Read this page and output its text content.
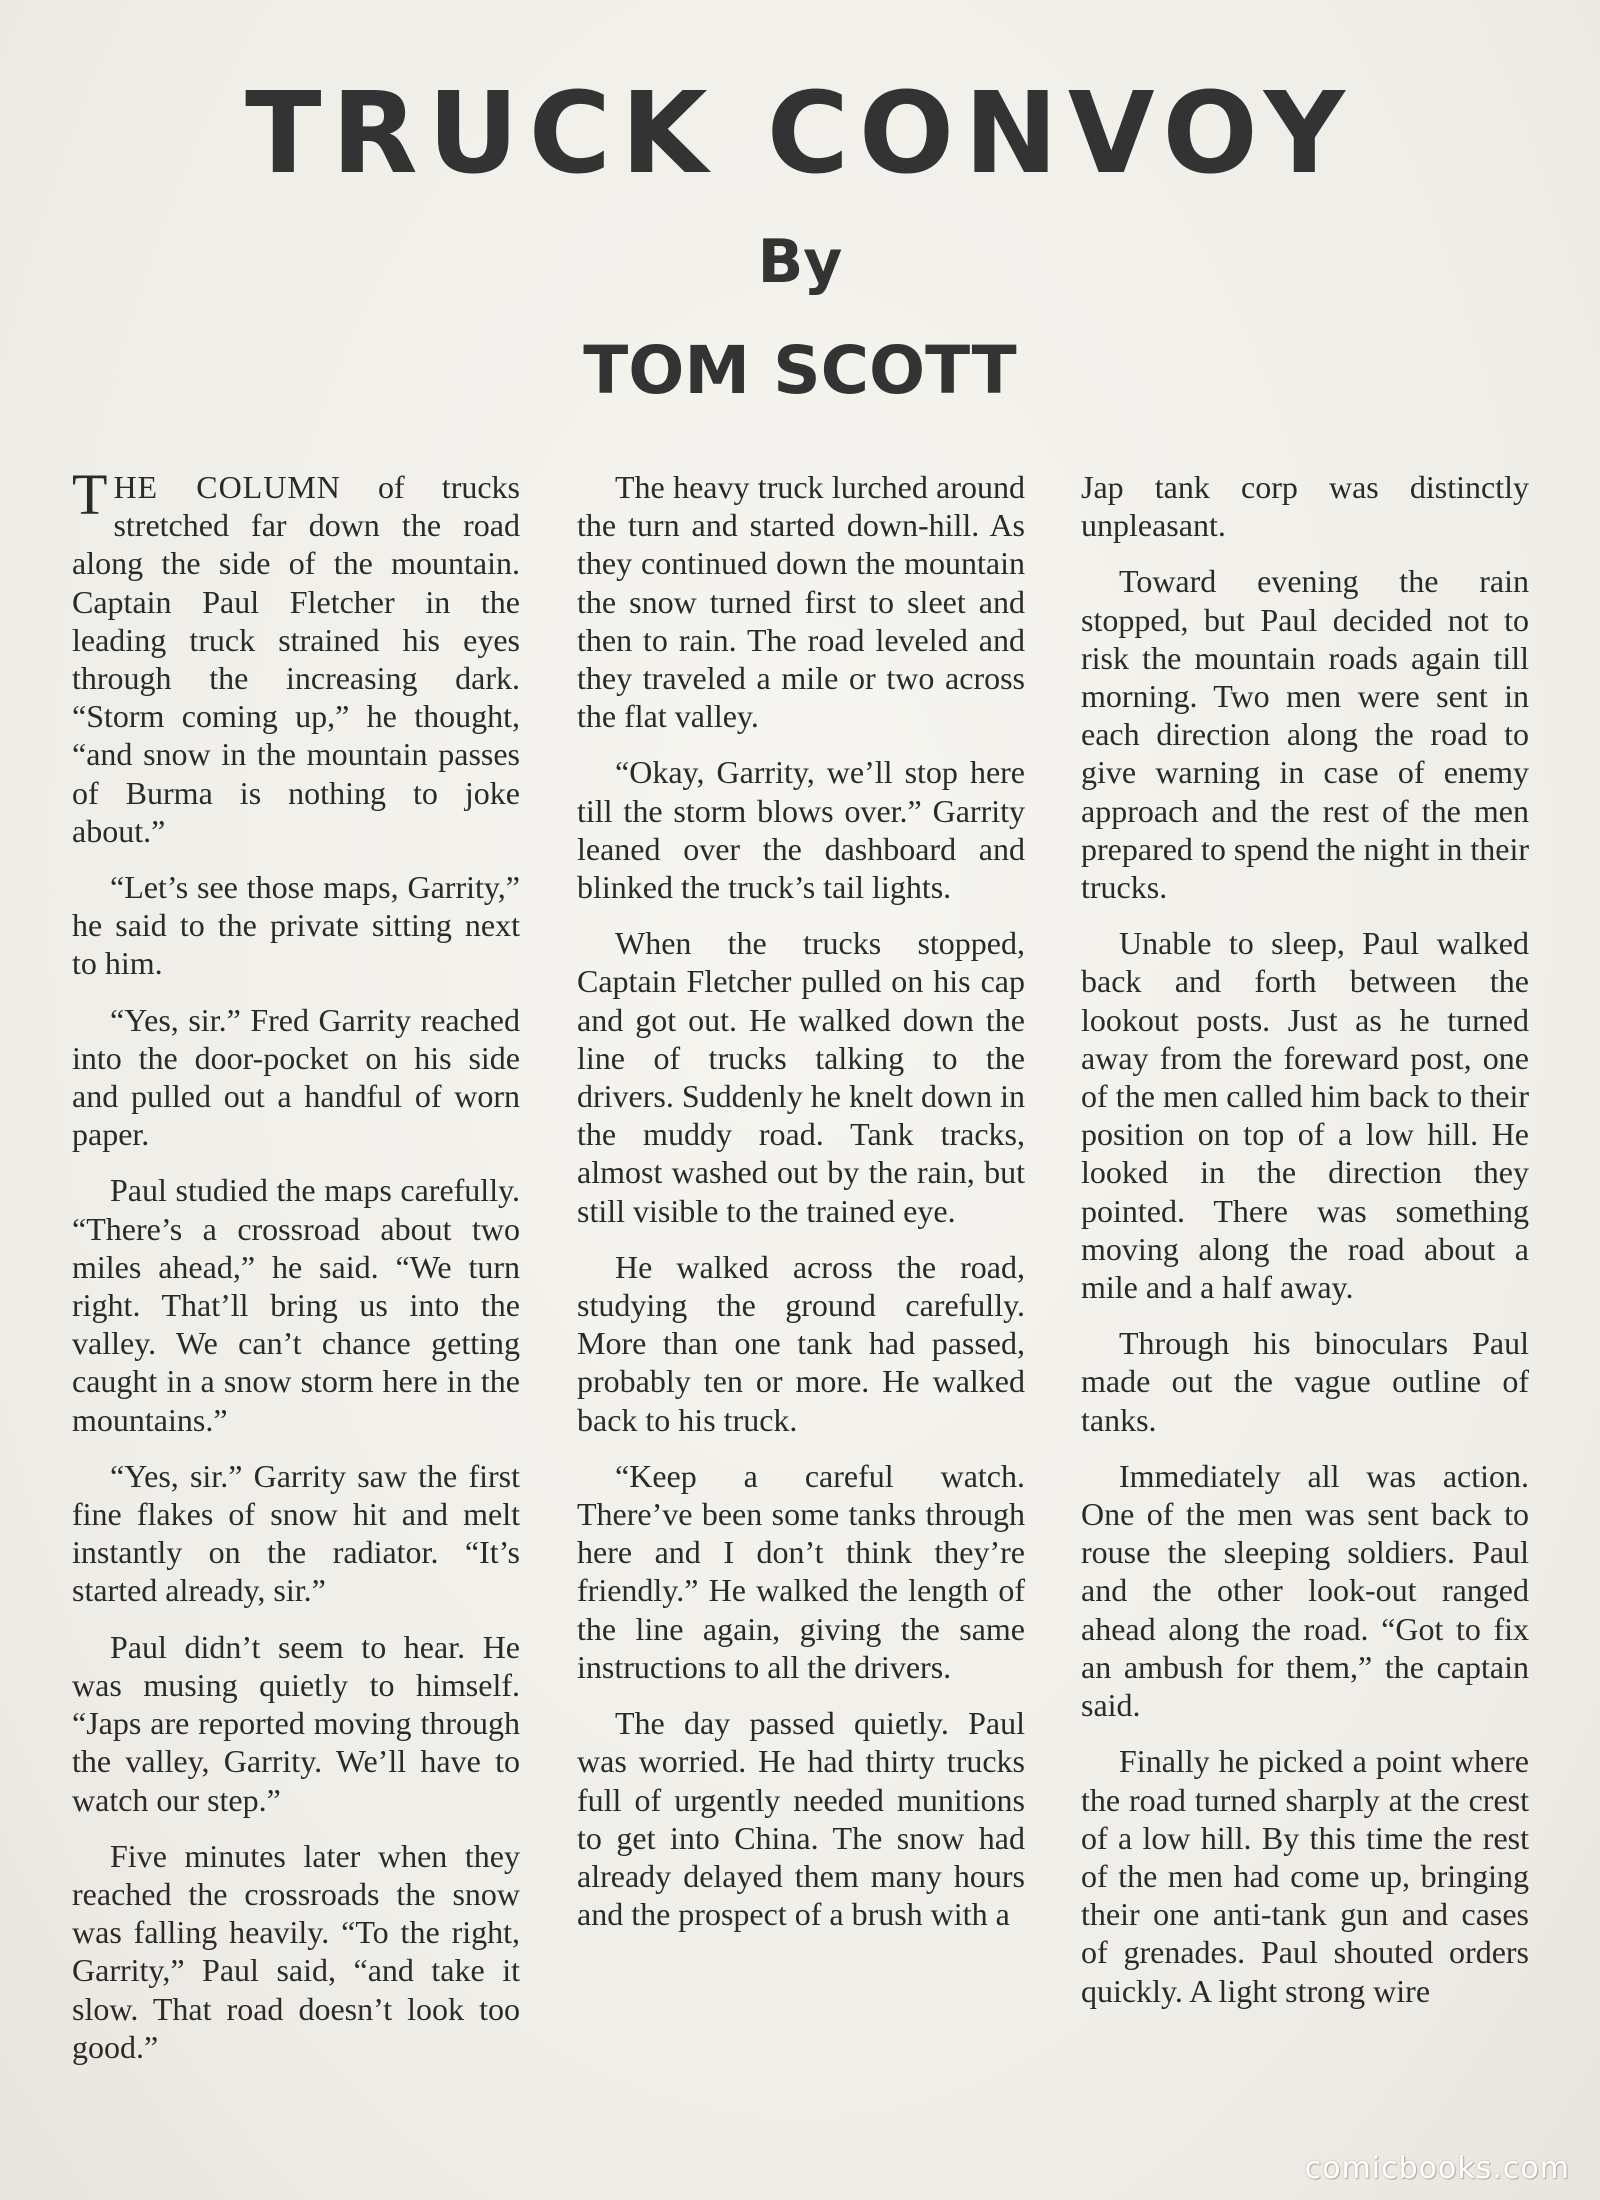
TRUCK CONVOY
By
TOM SCOTT

THE COLUMN of trucks stretched far down the road along the side of the mountain. Captain Paul Fletcher in the leading truck strained his eyes through the increasing dark. “Storm coming up,” he thought, “and snow in the mountain passes of Burma is nothing to joke about.”

“Let’s see those maps, Garrity,” he said to the private sitting next to him.

“Yes, sir.” Fred Garrity reached into the door-pocket on his side and pulled out a handful of worn paper.

Paul studied the maps carefully. “There’s a crossroad about two miles ahead,” he said. “We turn right. That’ll bring us into the valley. We can’t chance getting caught in a snow storm here in the mountains.”

“Yes, sir.” Garrity saw the first fine flakes of snow hit and melt instantly on the radiator. “It’s started already, sir.”

Paul didn’t seem to hear. He was musing quietly to himself. “Japs are reported moving through the valley, Garrity. We’ll have to watch our step.”

Five minutes later when they reached the crossroads the snow was falling heavily. “To the right, Garrity,” Paul said, “and take it slow. That road doesn’t look too good.”

The heavy truck lurched around the turn and started down-hill. As they continued down the mountain the snow turned first to sleet and then to rain. The road leveled and they traveled a mile or two across the flat valley.

“Okay, Garrity, we’ll stop here till the storm blows over.” Garrity leaned over the dashboard and blinked the truck’s tail lights.

When the trucks stopped, Captain Fletcher pulled on his cap and got out. He walked down the line of trucks talking to the drivers. Suddenly he knelt down in the muddy road. Tank tracks, almost washed out by the rain, but still visible to the trained eye.

He walked across the road, studying the ground carefully. More than one tank had passed, probably ten or more. He walked back to his truck.

“Keep a careful watch. There’ve been some tanks through here and I don’t think they’re friendly.” He walked the length of the line again, giving the same instructions to all the drivers.

The day passed quietly. Paul was worried. He had thirty trucks full of urgently needed munitions to get into China. The snow had already delayed them many hours and the prospect of a brush with a

Jap tank corp was distinctly unpleasant.

Toward evening the rain stopped, but Paul decided not to risk the mountain roads again till morning. Two men were sent in each direction along the road to give warning in case of enemy approach and the rest of the men prepared to spend the night in their trucks.

Unable to sleep, Paul walked back and forth between the lookout posts. Just as he turned away from the foreward post, one of the men called him back to their position on top of a low hill. He looked in the direction they pointed. There was something moving along the road about a mile and a half away.

Through his binoculars Paul made out the vague outline of tanks.

Immediately all was action. One of the men was sent back to rouse the sleeping soldiers. Paul and the other look-out ranged ahead along the road. “Got to fix an ambush for them,” the captain said.

Finally he picked a point where the road turned sharply at the crest of a low hill. By this time the rest of the men had come up, bringing their one anti-tank gun and cases of grenades. Paul shouted orders quickly. A light strong wire

comicbooks.com
